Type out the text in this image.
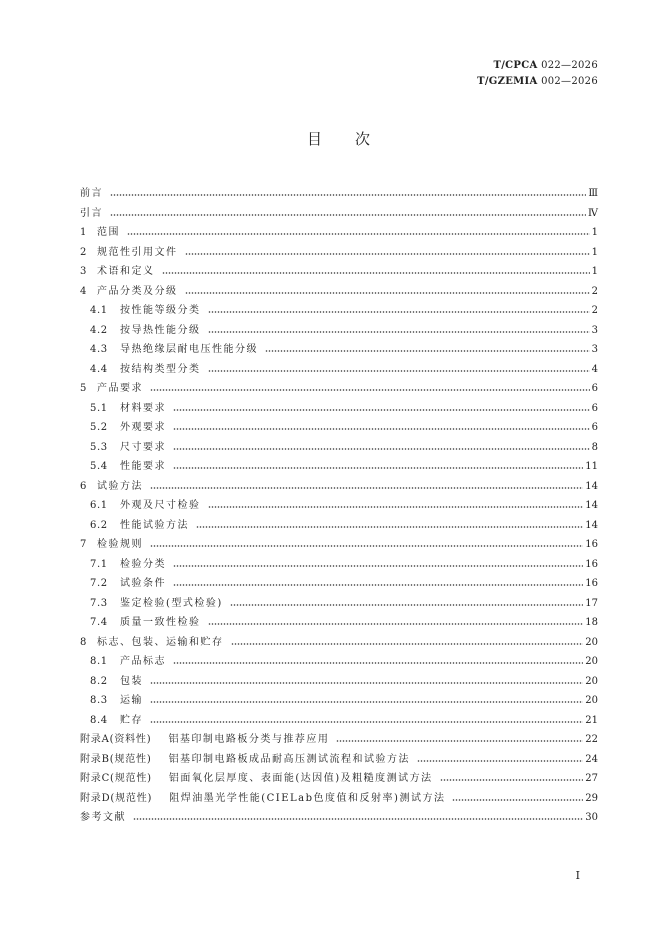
T/CPCA 022—2026
T/GZEMIA 002—2026
目　　次
前言	Ⅲ
引言	Ⅳ
1	范围	1
2	规范性引用文件	1
3	术语和定义	1
4	产品分类及分级	2
4.1	按性能等级分类	2
4.2	按导热性能分级	3
4.3	导热绝缘层耐电压性能分级	3
4.4	按结构类型分类	4
5	产品要求	6
5.1	材料要求	6
5.2	外观要求	6
5.3	尺寸要求	8
5.4	性能要求	11
6	试验方法	14
6.1	外观及尺寸检验	14
6.2	性能试验方法	14
7	检验规则	16
7.1	检验分类	16
7.2	试验条件	16
7.3	鉴定检验(型式检验)	17
7.4	质量一致性检验	18
8	标志、包装、运输和贮存	20
8.1	产品标志	20
8.2	包装	20
8.3	运输	20
8.4	贮存	21
附录A(资料性) 铝基印制电路板分类与推荐应用	22
附录B(规范性) 铝基印制电路板成品耐高压测试流程和试验方法	24
附录C(规范性) 铝面氧化层厚度、表面能(达因值)及粗糙度测试方法	27
附录D(规范性) 阻焊油墨光学性能(CIELab色度值和反射率)测试方法	29
参考文献	30
I
